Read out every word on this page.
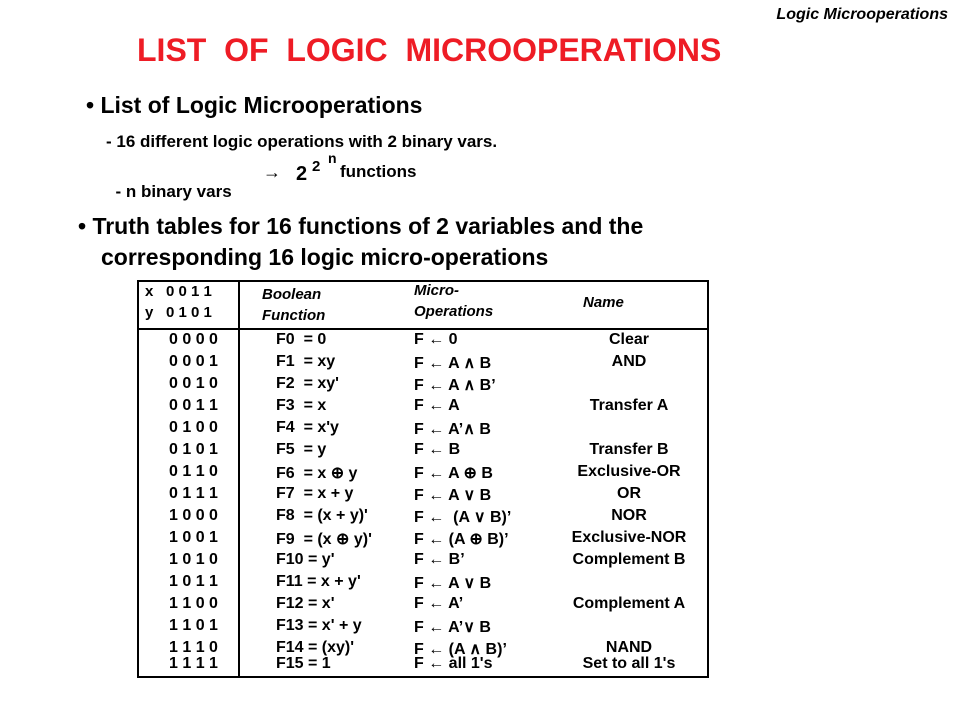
Logic Microoperations
LIST  OF  LOGIC  MICROOPERATIONS
• List of Logic Microoperations
- 16 different logic operations with 2 binary vars.

- n binary vars

→ 2 2 n
functions
• Truth tables for 16 functions of 2 variables and the
corresponding 16 logic micro-operations
x
y
0 0 1 1
0 1 0 1
Boolean
Function
Micro-
Operations
Name
0 0 0 0	F0  = 0	F ← 0	Clear
0 0 0 1	F1  = xy	F ← A ∧ B	AND
0 0 1 0	F2  = xy'	F ← A ∧ B’
0 0 1 1	F3  = x	F ← A	Transfer A
0 1 0 0	F4  = x'y	F ← A’∧ B
0 1 0 1	F5  = y	F ← B	Transfer B
0 1 1 0	F6  = x ⊕ y	F ← A ⊕ B	Exclusive-OR
0 1 1 1	F7  = x + y	F ← A ∨ B	OR
1 0 0 0	F8  = (x + y)'	F ←  (A ∨ B)’	NOR
1 0 0 1	F9  = (x ⊕ y)'	F ← (A ⊕ B)’	Exclusive-NOR
1 0 1 0	F10 = y'	F ← B’	Complement B
1 0 1 1	F11 = x + y'	F ← A ∨ B
1 1 0 0	F12 = x'	F ← A’	Complement A
1 1 0 1	F13 = x' + y	F ← A’∨ B
1 1 1 0	F14 = (xy)'	F ← (A ∧ B)’	NAND
1 1 1 1	F15 = 1	F ← all 1's	Set to all 1's
